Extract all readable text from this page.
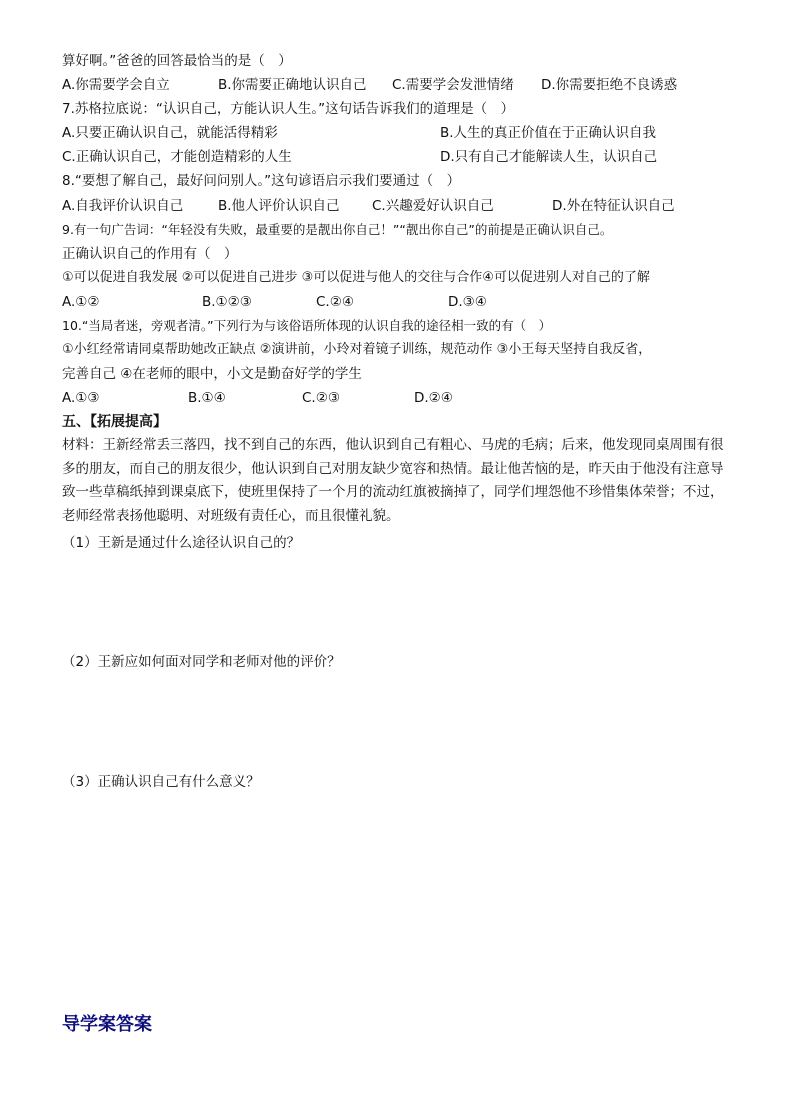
算好啊。”爸爸的回答最恰当的是（　）
A.你需要学会自立	B.你需要正确地认识自己 C.需要学会发泄情绪 D.你需要拒绝不良诱惑
7.苏格拉底说：“认识自己，方能认识人生。”这句话告诉我们的道理是（　）
A.只要正确认识自己，就能活得精彩	B.人生的真正价值在于正确认识自我
C.正确认识自己，才能创造精彩的人生	D.只有自己才能解读人生，认识自己
8.“要想了解自己，最好问问别人。”这句谚语启示我们要通过（　）
A.自我评价认识自己	B.他人评价认识自己 C.兴趣爱好认识自己	D.外在特征认识自己
9.有一句广告词：“年轻没有失败，最重要的是靓出你自己！”“靓出你自己”的前提是正确认识自己。
正确认识自己的作用有（　）
①可以促进自我发展 ②可以促进自己进步 ③可以促进与他人的交往与合作④可以促进别人对自己的了解
A.①②	B.①②③	C.②④	D.③④
10.“当局者迷，旁观者清。”下列行为与该俗语所体现的认识自我的途径相一致的有（　）
①小红经常请同桌帮助她改正缺点 ②演讲前，小玲对着镜子训练，规范动作 ③小王每天坚持自我反省，
完善自己 ④在老师的眼中，小文是勤奋好学的学生
A.①③	B.①④	C.②③	D.②④
五、【拓展提高】
材料：王新经常丢三落四，找不到自己的东西，他认识到自己有粗心、马虎的毛病；后来，他发现同桌周围有很多的朋友，而自己的朋友很少，他认识到自己对朋友缺少宽容和热情。最让他苦恼的是，昨天由于他没有注意导致一些草稿纸掉到课桌底下，使班里保持了一个月的流动红旗被摘掉了，同学们埋怨他不珍惜集体荣誉；不过，老师经常表扬他聪明、对班级有责任心，而且很懂礼貌。
（1）王新是通过什么途径认识自己的？
（2）王新应如何面对同学和老师对他的评价？
（3）正确认识自己有什么意义？
导学案答案
